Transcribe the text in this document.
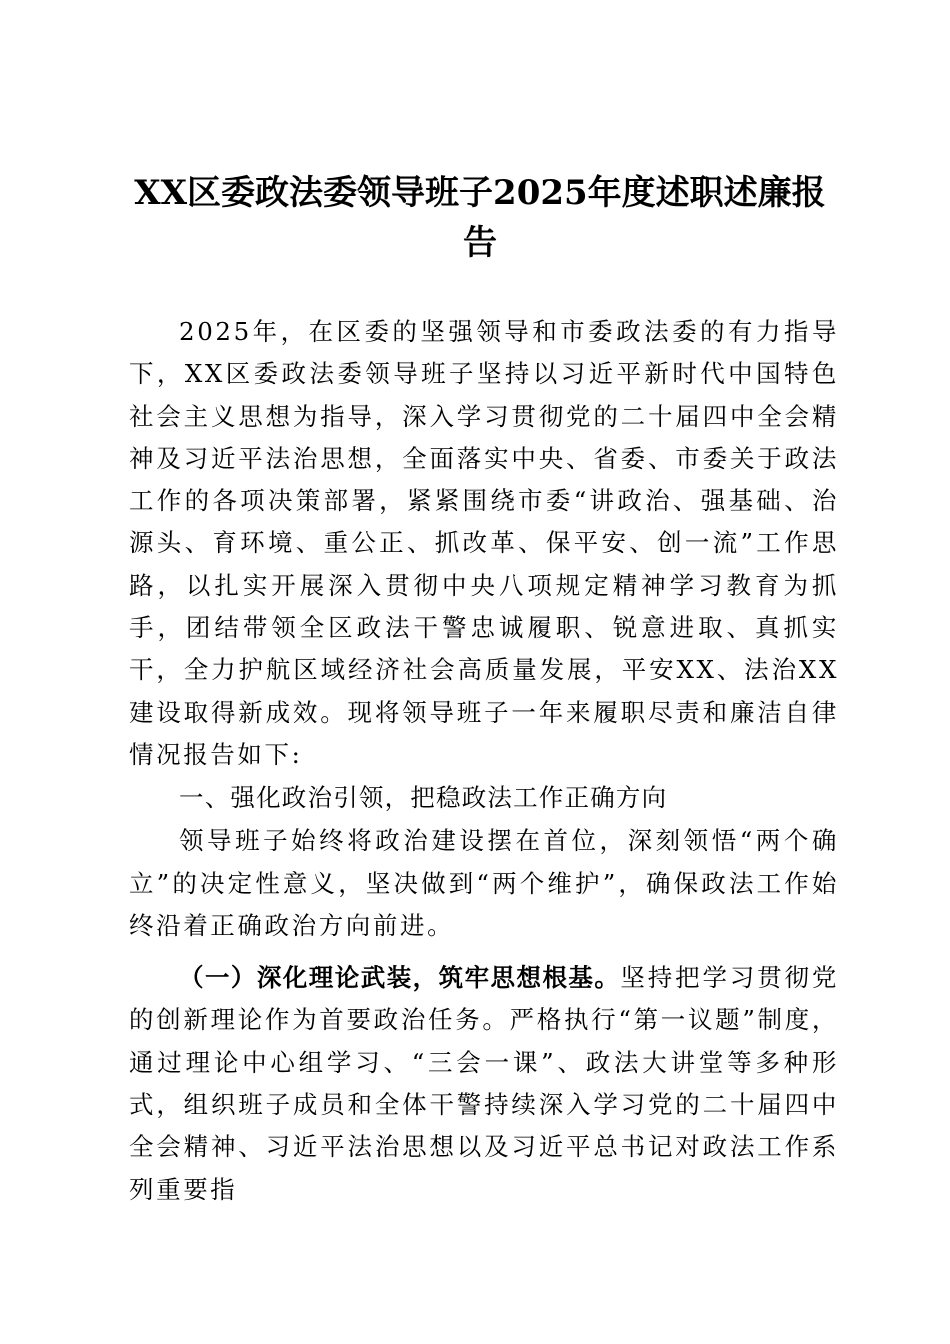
XX区委政法委领导班子2025年度述职述廉报告

2025年，在区委的坚强领导和市委政法委的有力指导下，XX区委政法委领导班子坚持以习近平新时代中国特色社会主义思想为指导，深入学习贯彻党的二十届四中全会精神及习近平法治思想，全面落实中央、省委、市委关于政法工作的各项决策部署，紧紧围绕市委“讲政治、强基础、治源头、育环境、重公正、抓改革、保平安、创一流”工作思路，以扎实开展深入贯彻中央八项规定精神学习教育为抓手，团结带领全区政法干警忠诚履职、锐意进取、真抓实干，全力护航区域经济社会高质量发展，平安XX、法治XX建设取得新成效。现将领导班子一年来履职尽责和廉洁自律情况报告如下:

一、强化政治引领，把稳政法工作正确方向

领导班子始终将政治建设摆在首位，深刻领悟“两个确立”的决定性意义，坚决做到“两个维护”，确保政法工作始终沿着正确政治方向前进。

（一）深化理论武装，筑牢思想根基。坚持把学习贯彻党的创新理论作为首要政治任务。严格执行“第一议题”制度，通过理论中心组学习、“三会一课”、政法大讲堂等多种形式，组织班子成员和全体干警持续深入学习党的二十届四中全会精神、习近平法治思想以及习近平总书记对政法工作系列重要指
